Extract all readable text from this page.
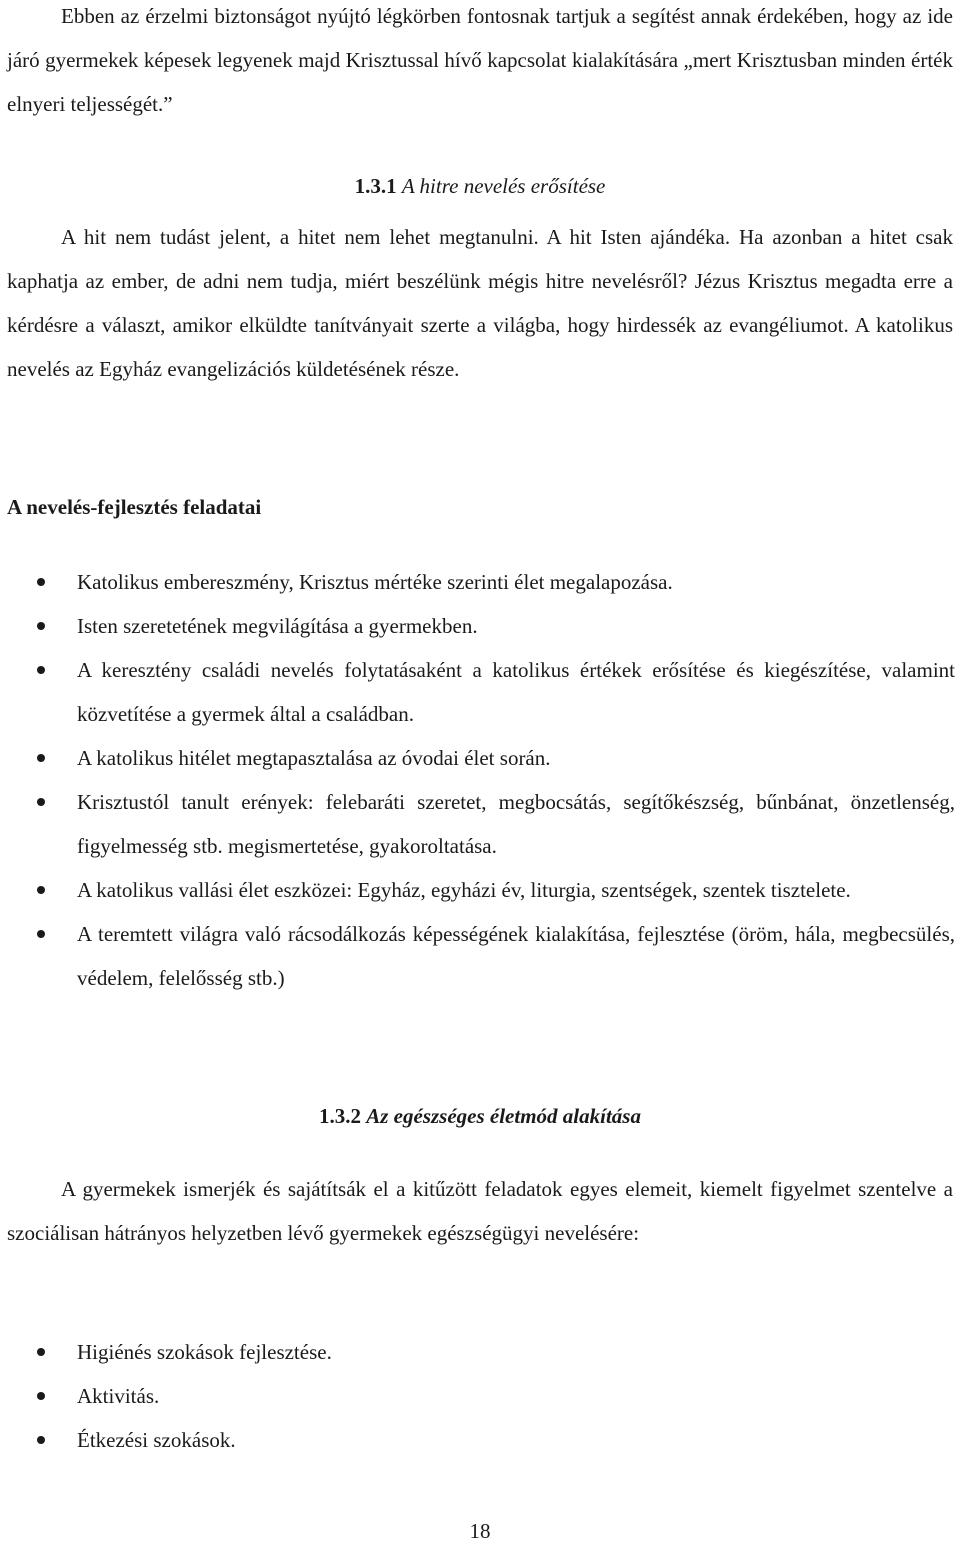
Ebben az érzelmi biztonságot nyújtó légkörben fontosnak tartjuk a segítést annak érdekében, hogy az ide járó gyermekek képesek legyenek majd Krisztussal hívő kapcsolat kialakítására „mert Krisztusban minden érték elnyeri teljességét.”

1.3.1 A hitre nevelés erősítése

A hit nem tudást jelent, a hitet nem lehet megtanulni. A hit Isten ajándéka. Ha azonban a hitet csak kaphatja az ember, de adni nem tudja, miért beszélünk mégis hitre nevelésről? Jézus Krisztus megadta erre a kérdésre a választ, amikor elküldte tanítványait szerte a világba, hogy hirdessék az evangéliumot. A katolikus nevelés az Egyház evangelizációs küldetésének része.

A nevelés-fejlesztés feladatai
Katolikus embereszmény, Krisztus mértéke szerinti élet megalapozása.
Isten szeretetének megvilágítása a gyermekben.
A keresztény családi nevelés folytatásaként a katolikus értékek erősítése és kiegészítése, valamint közvetítése a gyermek által a családban.
A katolikus hitélet megtapasztalása az óvodai élet során.
Krisztustól tanult erények: felebaráti szeretet, megbocsátás, segítőkészség, bűnbánat, önzetlenség, figyelmesség stb. megismertetése, gyakoroltatása.
A katolikus vallási élet eszközei: Egyház, egyházi év, liturgia, szentségek, szentek tisztelete.
A teremtett világra való rácsodálkozás képességének kialakítása, fejlesztése (öröm, hála, megbecsülés, védelem, felelősség stb.)
1.3.2 Az egészséges életmód alakítása

A gyermekek ismerjék és sajátítsák el a kitűzött feladatok egyes elemeit, kiemelt figyelmet szentelve a szociálisan hátrányos helyzetben lévő gyermekek egészségügyi nevelésére:

Higiénés szokások fejlesztése.
Aktivitás.
Étkezési szokások.
18
